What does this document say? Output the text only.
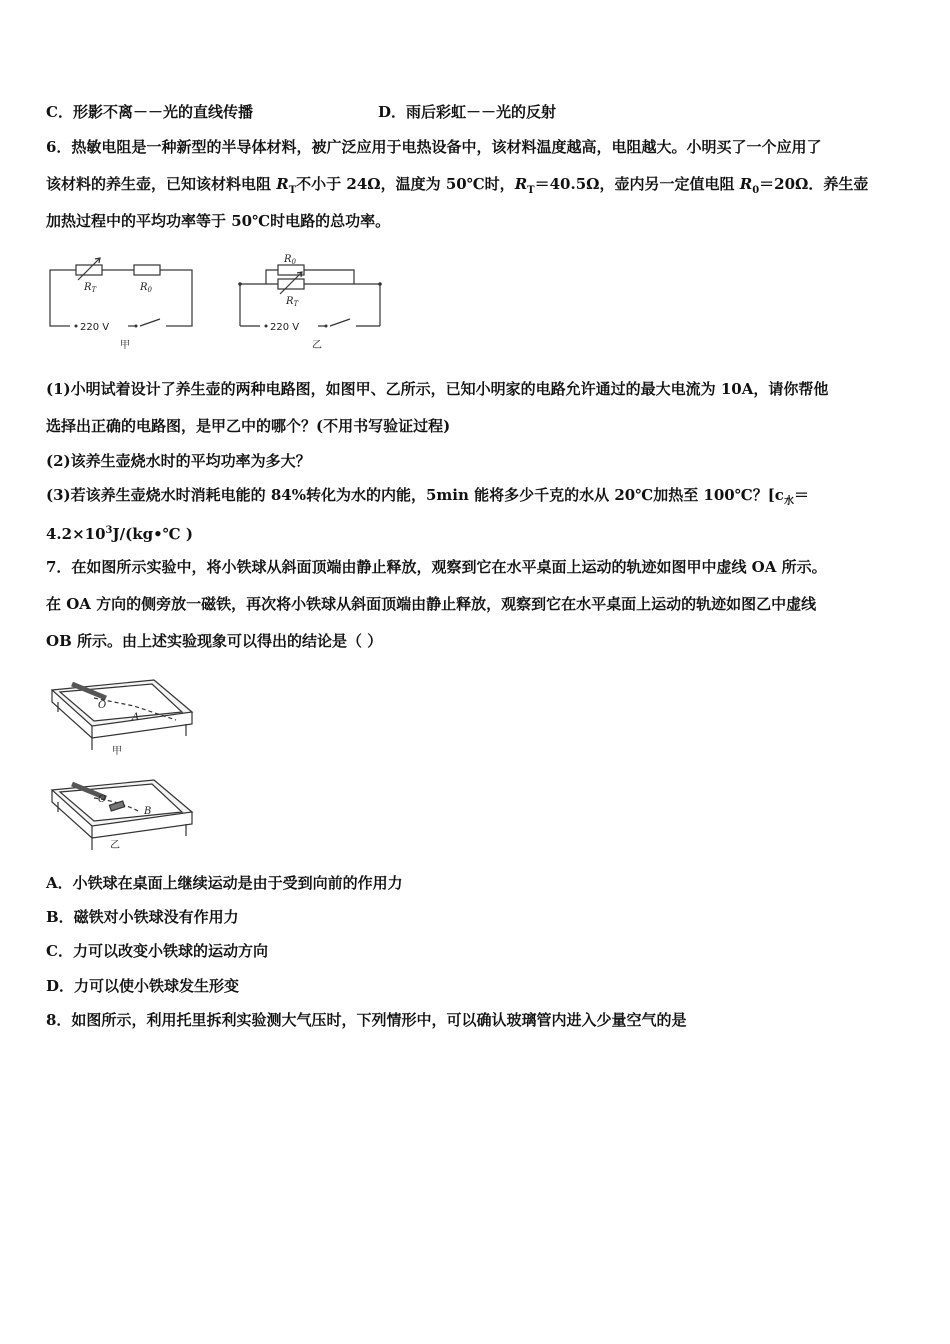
C．形影不离－－光的直线传播	D．雨后彩虹－－光的反射
6．热敏电阻是一种新型的半导体材料，被广泛应用于电热设备中，该材料温度越高，电阻越大。小明买了一个应用了
该材料的养生壶，已知该材料电阻 $R_T$不小于 24Ω，温度为 50℃时，$R_T=40.5\Omega$，壶内另一定值电阻 $R_0=20\Omega$．养生壶
加热过程中的平均功率等于 50℃时电路的总功率。
$R_T$	$R_0$
220 V
甲
$R_0$
$R_T$
220 V
乙
(1)小明试着设计了养生壶的两种电路图，如图甲、乙所示，已知小明家的电路允许通过的最大电流为 10A，请你帮他
选择出正确的电路图，是甲乙中的哪个？(不用书写验证过程)
(2)该养生壶烧水时的平均功率为多大？
(3)若该养生壶烧水时消耗电能的 84%转化为水的内能，5min 能将多少千克的水从 20℃加热至 100℃？[$c_水=$
$4.2\times 10^3J/(kg•℃$ )
7．在如图所示实验中，将小铁球从斜面顶端由静止释放，观察到它在水平桌面上运动的轨迹如图甲中虚线 OA 所示。
在 OA 方向的侧旁放一磁铁，再次将小铁球从斜面顶端由静止释放，观察到它在水平桌面上运动的轨迹如图乙中虚线
OB 所示。由上述实验现象可以得出的结论是（ ）
O
A
甲
O
B
乙
A．小铁球在桌面上继续运动是由于受到向前的作用力
B．磁铁对小铁球没有作用力
C．力可以改变小铁球的运动方向
D．力可以使小铁球发生形变
8．如图所示，利用托里拆利实验测大气压时，下列情形中，可以确认玻璃管内进入少量空气的是
